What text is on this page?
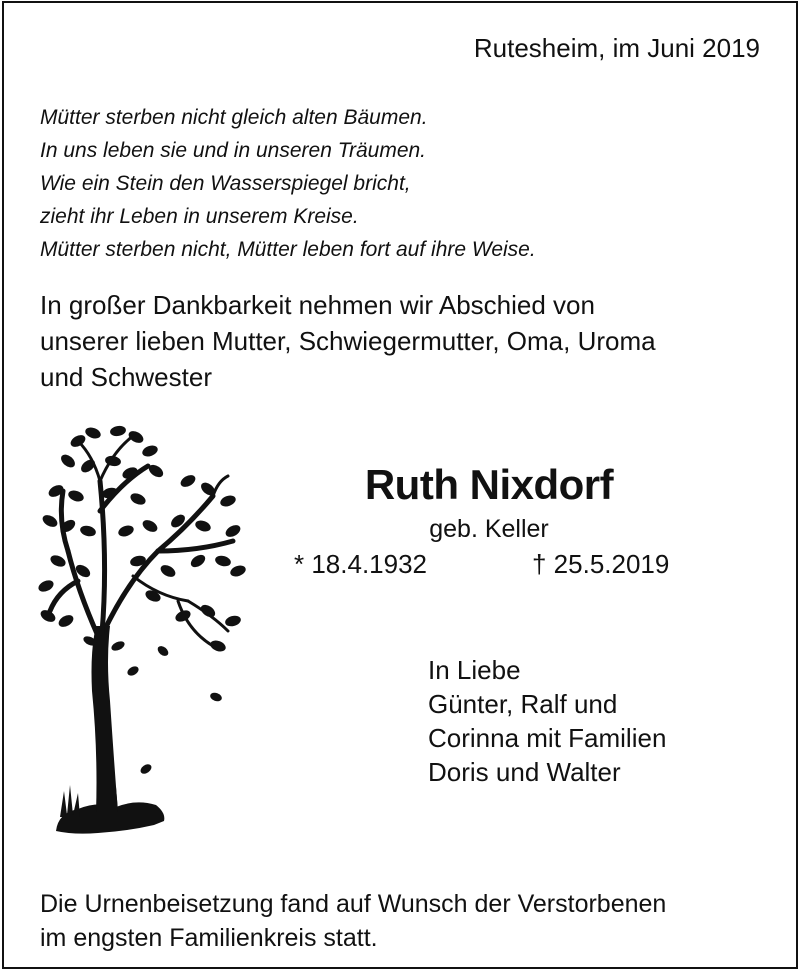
Rutesheim, im Juni 2019
Mütter sterben nicht gleich alten Bäumen.
In uns leben sie und in unseren Träumen.
Wie ein Stein den Wasserspiegel bricht,
zieht ihr Leben in unserem Kreise.
Mütter sterben nicht, Mütter leben fort auf ihre Weise.
In großer Dankbarkeit nehmen wir Abschied von
unserer lieben Mutter, Schwiegermutter, Oma, Uroma
und Schwester
Ruth Nixdorf
geb. Keller
* 18.4.1932	† 25.5.2019
In Liebe
Günter, Ralf und
Corinna mit Familien
Doris und Walter
Die Urnenbeisetzung fand auf Wunsch der Verstorbenen
im engsten Familienkreis statt.
